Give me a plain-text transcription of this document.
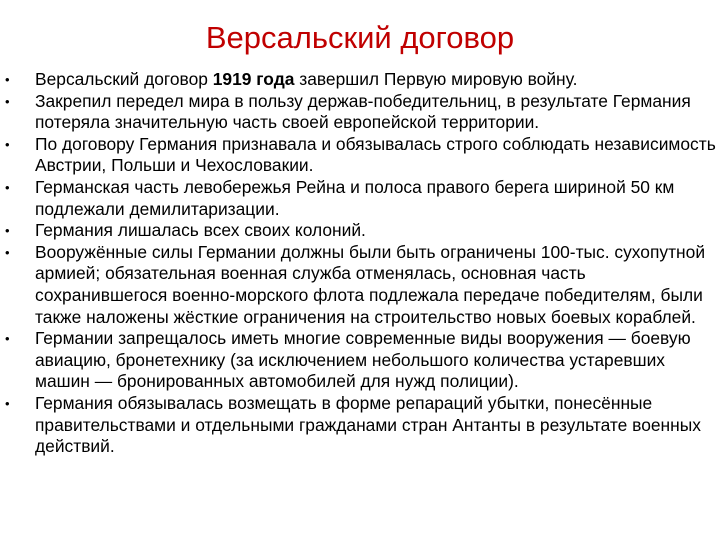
Версальский договор
• Версальский договор 1919 года завершил Первую мировую войну.
• Закрепил передел мира в пользу держав-победительниц, в результате Германия потеряла значительную часть своей европейской территории.
• По договору Германия признавала и обязывалась строго соблюдать независимость Австрии, Польши и Чехословакии.
• Германская часть левобережья Рейна и полоса правого берега шириной 50 км подлежали демилитаризации.
• Германия лишалась всех своих колоний.
• Вооружённые силы Германии должны были быть ограничены 100-тыс. сухопутной армией; обязательная военная служба отменялась, основная часть сохранившегося военно-морского флота подлежала передаче победителям, были также наложены жёсткие ограничения на строительство новых боевых кораблей.
• Германии запрещалось иметь многие современные виды вооружения — боевую авиацию, бронетехнику (за исключением небольшого количества устаревших машин — бронированных автомобилей для нужд полиции).
• Германия обязывалась возмещать в форме репараций убытки, понесённые правительствами и отдельными гражданами стран Антанты в результате военных действий.
